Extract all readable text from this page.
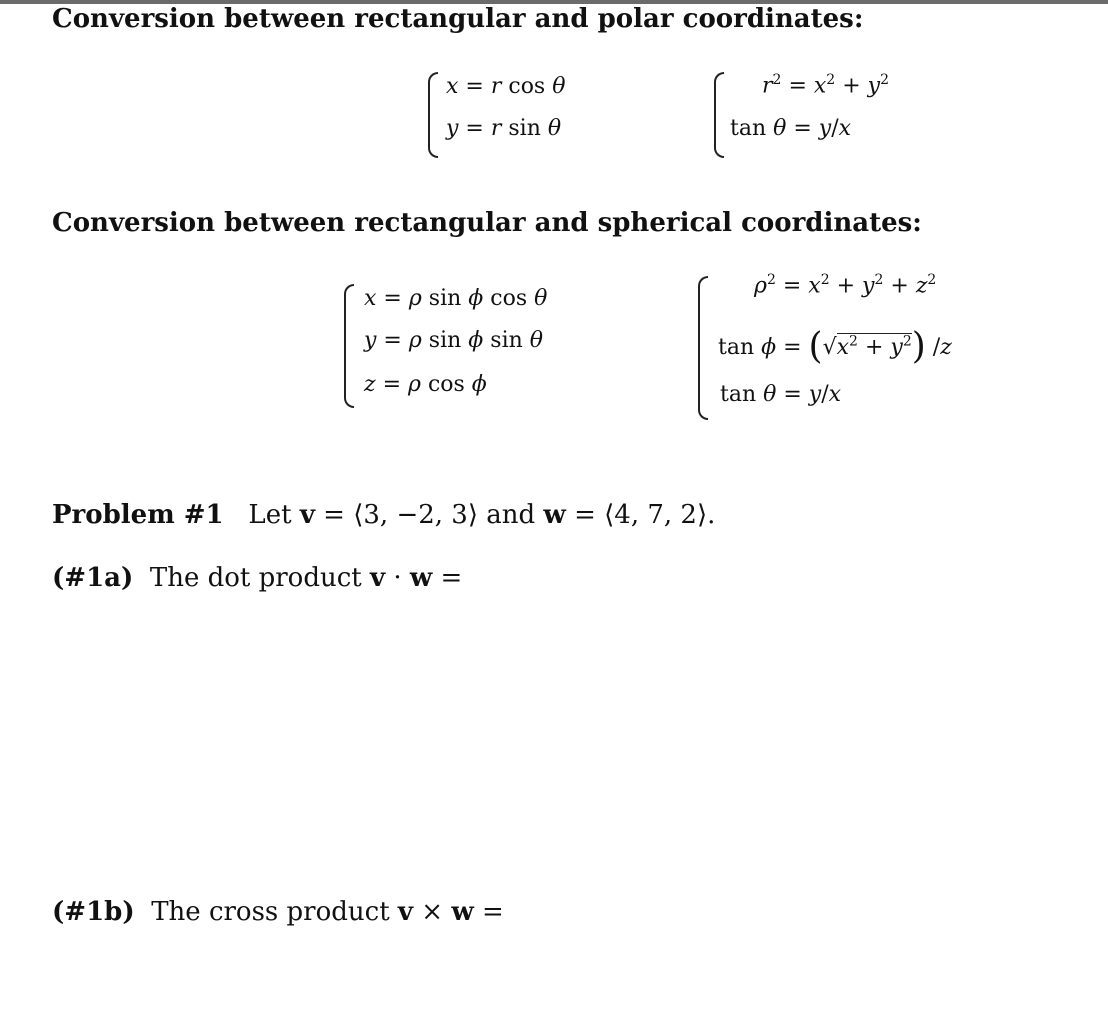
Conversion between rectangular and polar coordinates:
x = r cos θ
y = r sin θ
$r^2 = x^2 + y^2$
tan θ = y/x
Conversion between rectangular and spherical coordinates:
x = ρ sin ϕ cos θ
y = ρ sin ϕ sin θ
z = ρ cos ϕ
$\rho^2 = x^2 + y^2 + z^2$
$\tan \phi = (√x^2 + y^2)$ /z
tan θ = y/x
Problem #1   Let v = ⟨3, −2, 3⟩ and w = ⟨4, 7, 2⟩.
(#1a)  The dot product v · w =
(#1b)  The cross product v × w =
